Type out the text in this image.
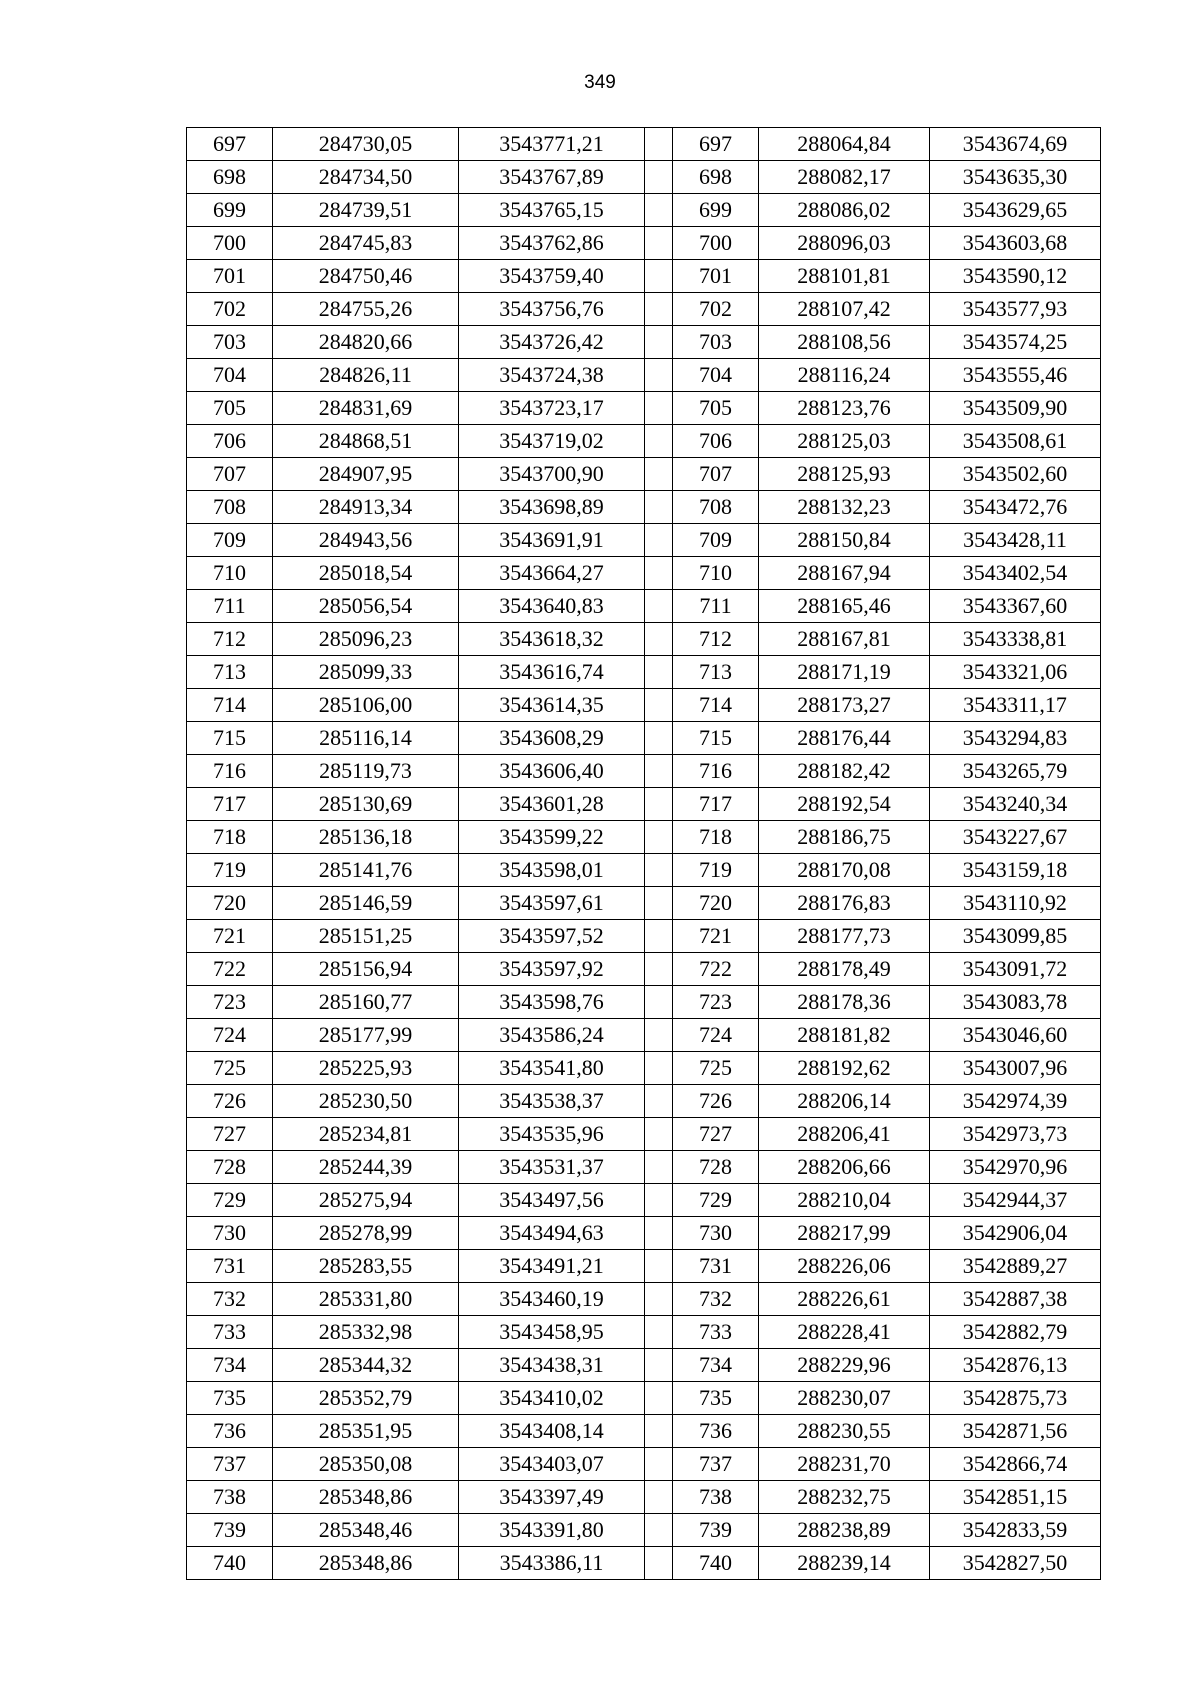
349
697	284730,05	3543771,21		697	288064,84	3543674,69
698	284734,50	3543767,89		698	288082,17	3543635,30
699	284739,51	3543765,15		699	288086,02	3543629,65
700	284745,83	3543762,86		700	288096,03	3543603,68
701	284750,46	3543759,40		701	288101,81	3543590,12
702	284755,26	3543756,76		702	288107,42	3543577,93
703	284820,66	3543726,42		703	288108,56	3543574,25
704	284826,11	3543724,38		704	288116,24	3543555,46
705	284831,69	3543723,17		705	288123,76	3543509,90
706	284868,51	3543719,02		706	288125,03	3543508,61
707	284907,95	3543700,90		707	288125,93	3543502,60
708	284913,34	3543698,89		708	288132,23	3543472,76
709	284943,56	3543691,91		709	288150,84	3543428,11
710	285018,54	3543664,27		710	288167,94	3543402,54
711	285056,54	3543640,83		711	288165,46	3543367,60
712	285096,23	3543618,32		712	288167,81	3543338,81
713	285099,33	3543616,74		713	288171,19	3543321,06
714	285106,00	3543614,35		714	288173,27	3543311,17
715	285116,14	3543608,29		715	288176,44	3543294,83
716	285119,73	3543606,40		716	288182,42	3543265,79
717	285130,69	3543601,28		717	288192,54	3543240,34
718	285136,18	3543599,22		718	288186,75	3543227,67
719	285141,76	3543598,01		719	288170,08	3543159,18
720	285146,59	3543597,61		720	288176,83	3543110,92
721	285151,25	3543597,52		721	288177,73	3543099,85
722	285156,94	3543597,92		722	288178,49	3543091,72
723	285160,77	3543598,76		723	288178,36	3543083,78
724	285177,99	3543586,24		724	288181,82	3543046,60
725	285225,93	3543541,80		725	288192,62	3543007,96
726	285230,50	3543538,37		726	288206,14	3542974,39
727	285234,81	3543535,96		727	288206,41	3542973,73
728	285244,39	3543531,37		728	288206,66	3542970,96
729	285275,94	3543497,56		729	288210,04	3542944,37
730	285278,99	3543494,63		730	288217,99	3542906,04
731	285283,55	3543491,21		731	288226,06	3542889,27
732	285331,80	3543460,19		732	288226,61	3542887,38
733	285332,98	3543458,95		733	288228,41	3542882,79
734	285344,32	3543438,31		734	288229,96	3542876,13
735	285352,79	3543410,02		735	288230,07	3542875,73
736	285351,95	3543408,14		736	288230,55	3542871,56
737	285350,08	3543403,07		737	288231,70	3542866,74
738	285348,86	3543397,49		738	288232,75	3542851,15
739	285348,46	3543391,80		739	288238,89	3542833,59
740	285348,86	3543386,11		740	288239,14	3542827,50
